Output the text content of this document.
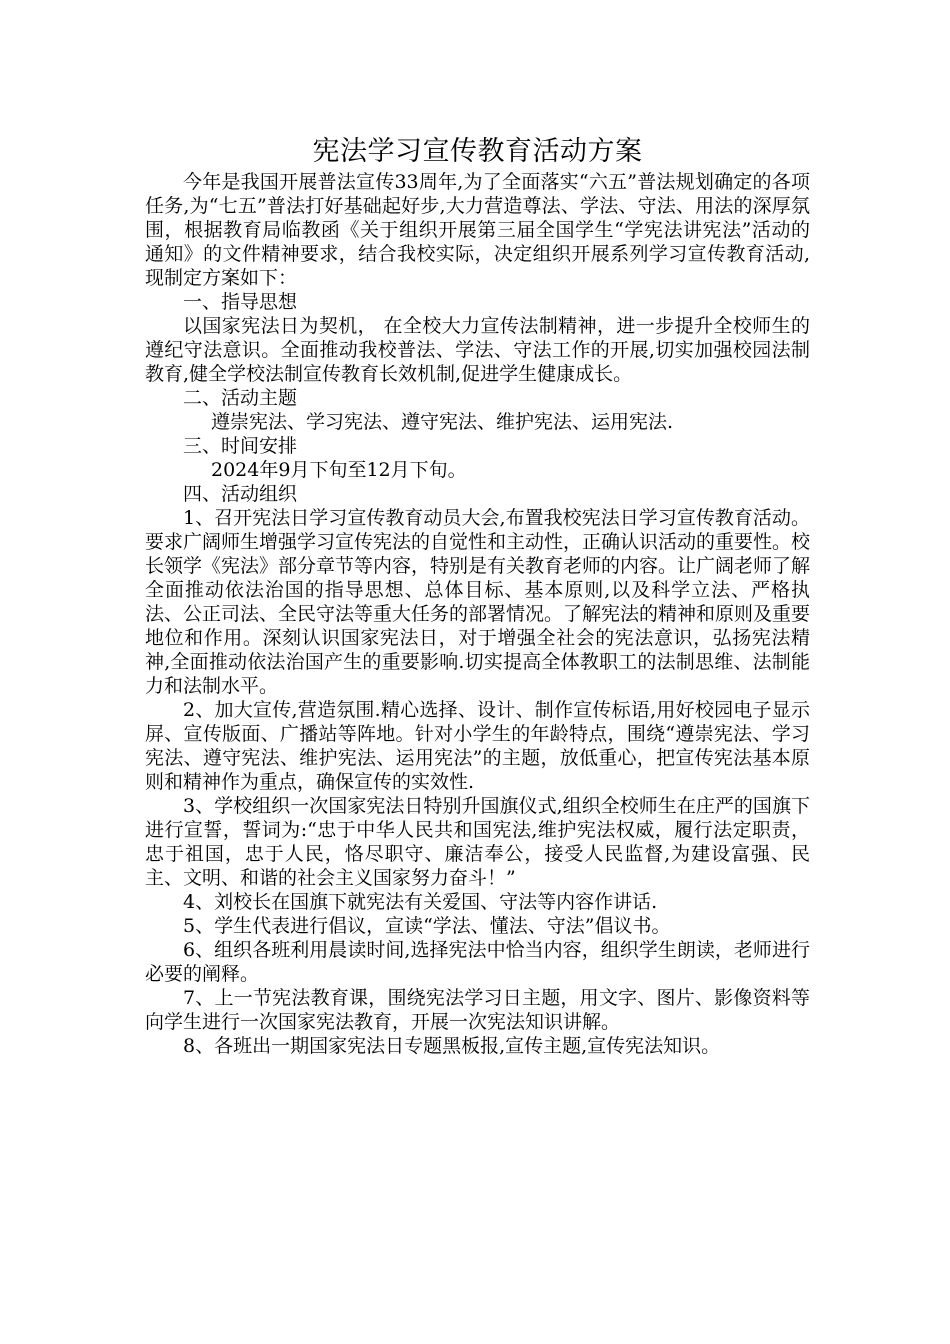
宪法学习宣传教育活动方案

今年是我国开展普法宣传33周年,为了全面落实“六五”普法规划确定的各项任务,为“七五”普法打好基础起好步,大力营造尊法、学法、守法、用法的深厚氛围，根据教育局临教函《关于组织开展第三届全国学生“学宪法讲宪法”活动的通知》的文件精神要求，结合我校实际，决定组织开展系列学习宣传教育活动,现制定方案如下：

一、指导思想

以国家宪法日为契机， 在全校大力宣传法制精神，进一步提升全校师生的遵纪守法意识。全面推动我校普法、学法、守法工作的开展,切实加强校园法制教育,健全学校法制宣传教育长效机制,促进学生健康成长。

二、活动主题

遵崇宪法、学习宪法、遵守宪法、维护宪法、运用宪法.

三、时间安排

2024年9月下旬至12月下旬。

四、活动组织

1、召开宪法日学习宣传教育动员大会,布置我校宪法日学习宣传教育活动。要求广阔师生增强学习宣传宪法的自觉性和主动性，正确认识活动的重要性。校长领学《宪法》部分章节等内容，特别是有关教育老师的内容。让广阔老师了解全面推动依法治国的指导思想、总体目标、基本原则,以及科学立法、严格执法、公正司法、全民守法等重大任务的部署情况。了解宪法的精神和原则及重要地位和作用。深刻认识国家宪法日，对于增强全社会的宪法意识，弘扬宪法精神,全面推动依法治国产生的重要影响.切实提高全体教职工的法制思维、法制能力和法制水平。

2、加大宣传,营造氛围.精心选择、设计、制作宣传标语,用好校园电子显示屏、宣传版面、广播站等阵地。针对小学生的年龄特点，围绕“遵崇宪法、学习宪法、遵守宪法、维护宪法、运用宪法”的主题，放低重心，把宣传宪法基本原则和精神作为重点，确保宣传的实效性.

3、学校组织一次国家宪法日特别升国旗仪式,组织全校师生在庄严的国旗下进行宣誓，誓词为:“忠于中华人民共和国宪法,维护宪法权威，履行法定职责，忠于祖国，忠于人民，恪尽职守、廉洁奉公，接受人民监督,为建设富强、民主、文明、和谐的社会主义国家努力奋斗！”

4、刘校长在国旗下就宪法有关爱国、守法等内容作讲话.

5、学生代表进行倡议，宣读“学法、懂法、守法”倡议书。

6、组织各班利用晨读时间,选择宪法中恰当内容，组织学生朗读，老师进行必要的阐释。

7、上一节宪法教育课，围绕宪法学习日主题，用文字、图片、影像资料等向学生进行一次国家宪法教育，开展一次宪法知识讲解。

8、各班出一期国家宪法日专题黑板报,宣传主题,宣传宪法知识。
